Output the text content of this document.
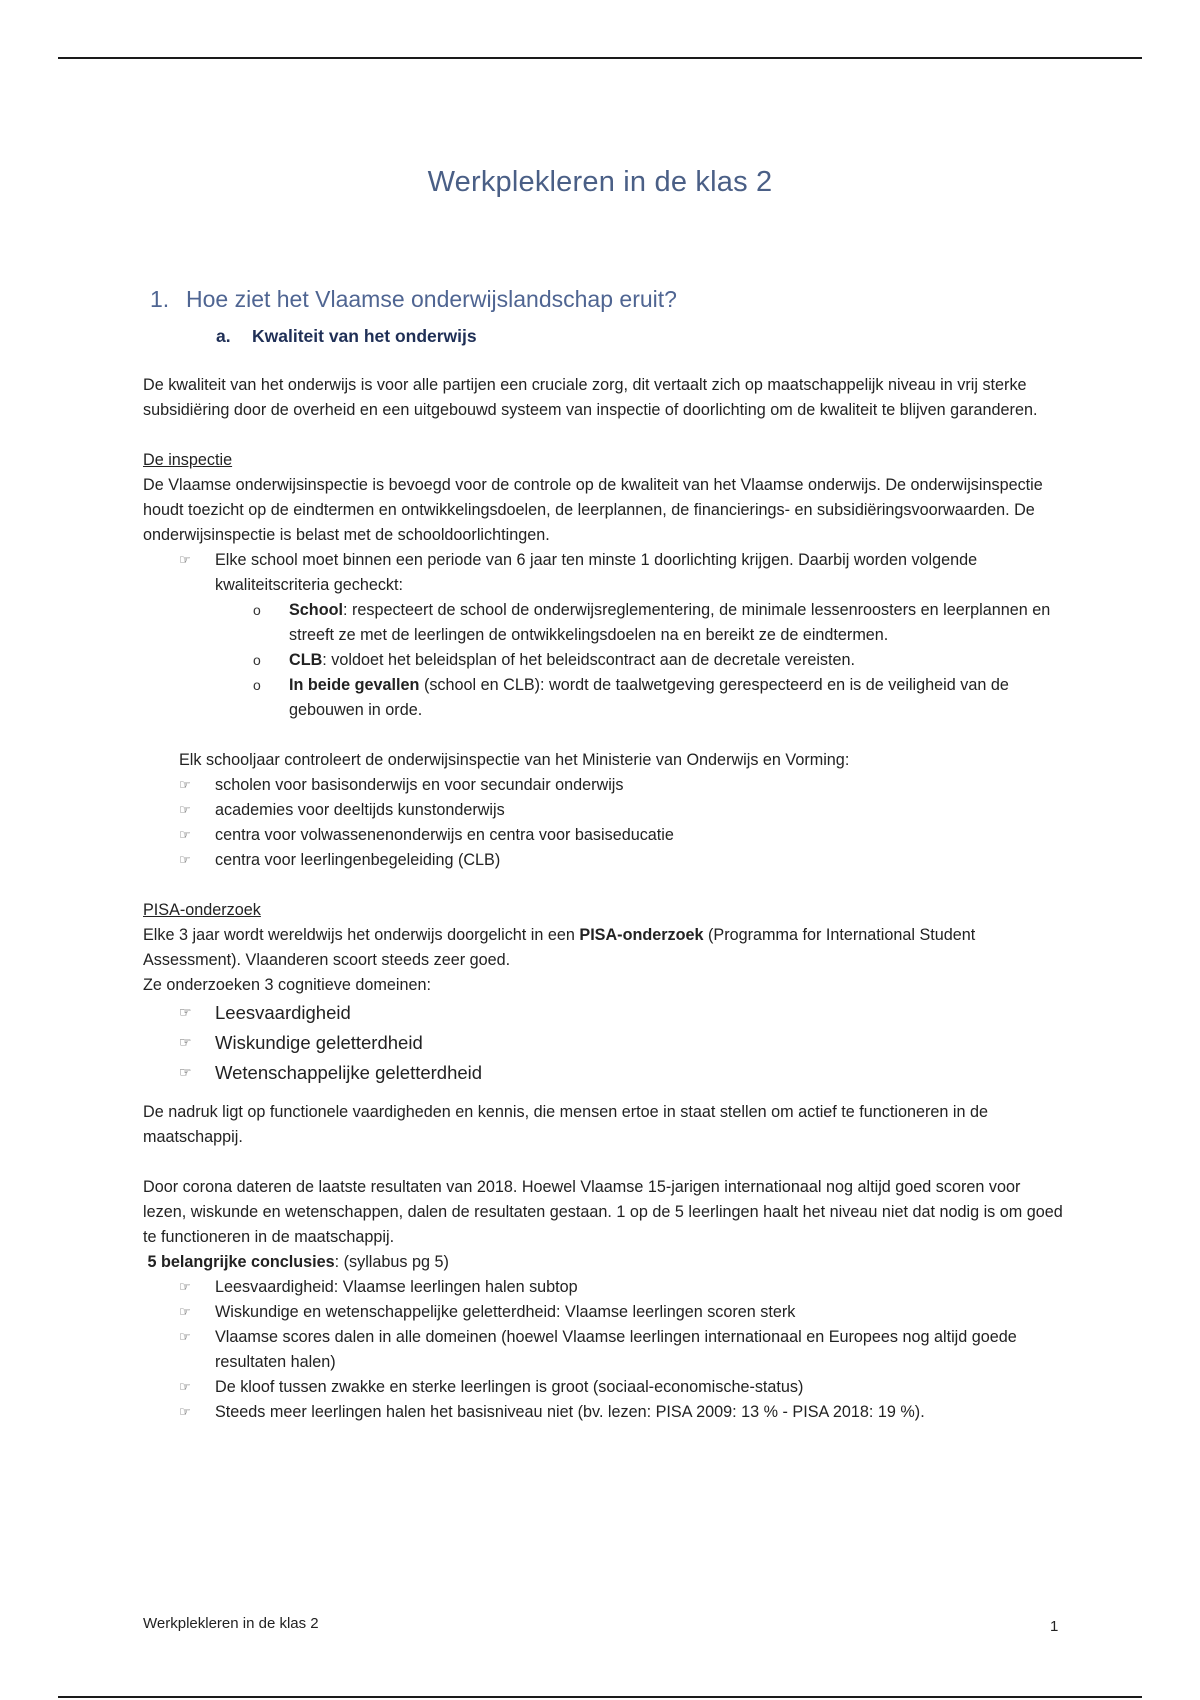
Werkplekleren in de klas 2
1. Hoe ziet het Vlaamse onderwijslandschap eruit?
a. Kwaliteit van het onderwijs

De kwaliteit van het onderwijs is voor alle partijen een cruciale zorg, dit vertaalt zich op maatschappelijk niveau in vrij sterke subsidiëring door de overheid en een uitgebouwd systeem van inspectie of doorlichting om de kwaliteit te blijven garanderen.

De inspectie

De Vlaamse onderwijsinspectie is bevoegd voor de controle op de kwaliteit van het Vlaamse onderwijs. De onderwijsinspectie houdt toezicht op de eindtermen en ontwikkelingsdoelen, de leerplannen, de financierings- en subsidiëringsvoorwaarden. De onderwijsinspectie is belast met de schooldoorlichtingen.

☞ Elke school moet binnen een periode van 6 jaar ten minste 1 doorlichting krijgen. Daarbij worden volgende kwaliteitscriteria gecheckt:
o School: respecteert de school de onderwijsreglementering, de minimale lessenroosters en leerplannen en streeft ze met de leerlingen de ontwikkelingsdoelen na en bereikt ze de eindtermen.
o CLB: voldoet het beleidsplan of het beleidscontract aan de decretale vereisten.
o In beide gevallen (school en CLB): wordt de taalwetgeving gerespecteerd en is de veiligheid van de gebouwen in orde.

Elk schooljaar controleert de onderwijsinspectie van het Ministerie van Onderwijs en Vorming:

☞ scholen voor basisonderwijs en voor secundair onderwijs
☞ academies voor deeltijds kunstonderwijs
☞ centra voor volwassenenonderwijs en centra voor basiseducatie
☞ centra voor leerlingenbegeleiding (CLB)

PISA-onderzoek

Elke 3 jaar wordt wereldwijs het onderwijs doorgelicht in een PISA-onderzoek (Programma for International Student Assessment). Vlaanderen scoort steeds zeer goed.

Ze onderzoeken 3 cognitieve domeinen:

☞ Leesvaardigheid
☞ Wiskundige geletterdheid
☞ Wetenschappelijke geletterdheid

De nadruk ligt op functionele vaardigheden en kennis, die mensen ertoe in staat stellen om actief te functioneren in de maatschappij.

Door corona dateren de laatste resultaten van 2018. Hoewel Vlaamse 15-jarigen internationaal nog altijd goed scoren voor lezen, wiskunde en wetenschappen, dalen de resultaten gestaan. 1 op de 5 leerlingen haalt het niveau niet dat nodig is om goed te functioneren in de maatschappij.

5 belangrijke conclusies: (syllabus pg 5)

☞ Leesvaardigheid: Vlaamse leerlingen halen subtop
☞ Wiskundige en wetenschappelijke geletterdheid: Vlaamse leerlingen scoren sterk
☞ Vlaamse scores dalen in alle domeinen (hoewel Vlaamse leerlingen internationaal en Europees nog altijd goede resultaten halen)
☞ De kloof tussen zwakke en sterke leerlingen is groot (sociaal-economische-status)
☞ Steeds meer leerlingen halen het basisniveau niet (bv. lezen: PISA 2009: 13 % - PISA 2018: 19 %).
Werkplekleren in de klas 2	1
